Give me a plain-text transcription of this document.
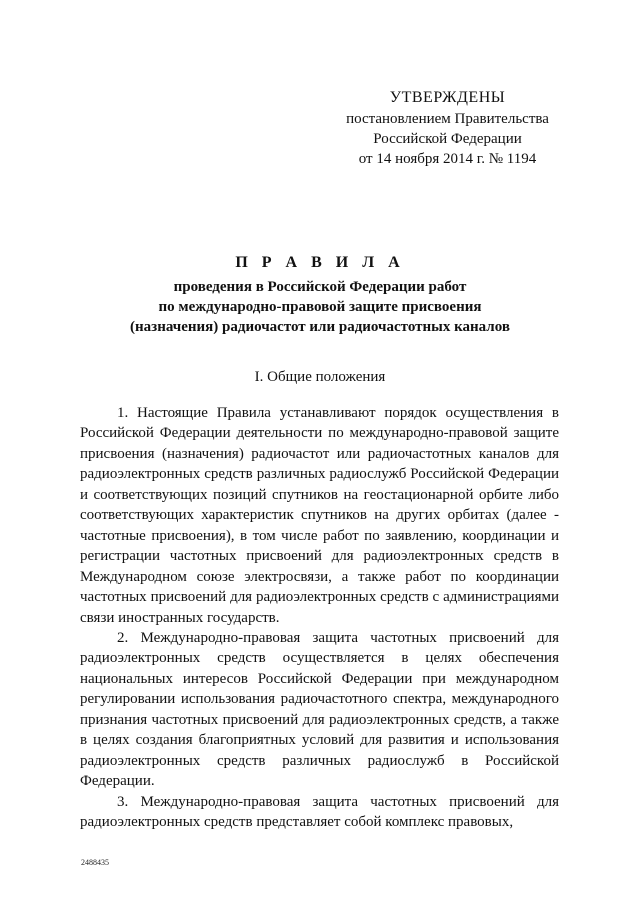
УТВЕРЖДЕНЫ
постановлением Правительства
Российской Федерации
от 14 ноября 2014 г. № 1194
П Р А В И Л А
проведения в Российской Федерации работ
по международно-правовой защите присвоения
(назначения) радиочастот или радиочастотных каналов
I. Общие положения

1. Настоящие Правила устанавливают порядок осуществления в Российской Федерации деятельности по международно-правовой защите присвоения (назначения) радиочастот или радиочастотных каналов для радиоэлектронных средств различных радиослужб Российской Федерации и соответствующих позиций спутников на геостационарной орбите либо соответствующих характеристик спутников на других орбитах (далее - частотные присвоения), в том числе работ по заявлению, координации и регистрации частотных присвоений для радиоэлектронных средств в Международном союзе электросвязи, а также работ по координации частотных присвоений для радиоэлектронных средств с администрациями связи иностранных государств.

2. Международно-правовая защита частотных присвоений для радиоэлектронных средств осуществляется в целях обеспечения национальных интересов Российской Федерации при международном регулировании использования радиочастотного спектра, международного признания частотных присвоений для радиоэлектронных средств, а также в целях создания благоприятных условий для развития и использования радиоэлектронных средств различных радиослужб в Российской Федерации.

3. Международно-правовая защита частотных присвоений для радиоэлектронных средств представляет собой комплекс правовых,

2488435
